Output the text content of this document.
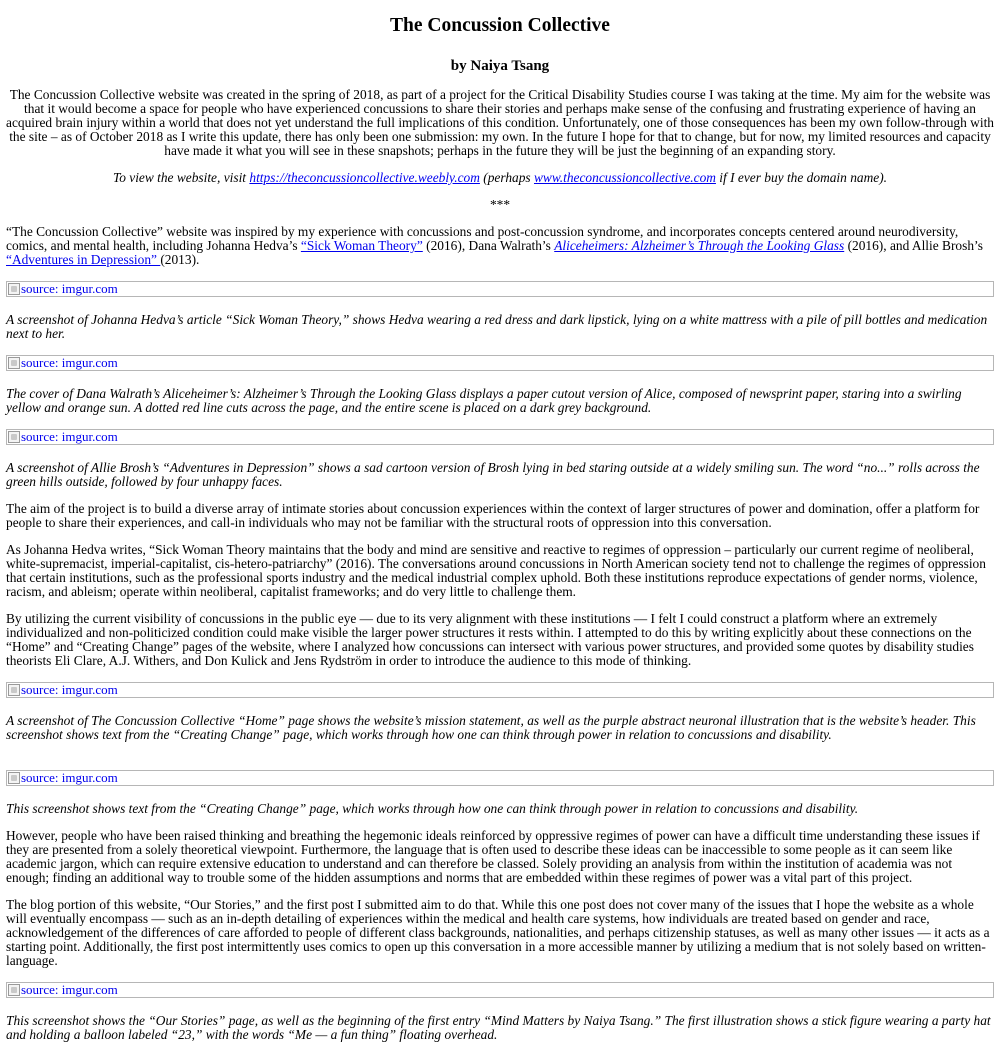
The Concussion Collective
by Naiya Tsang

The Concussion Collective website was created in the spring of 2018, as part of a project for the Critical Disability Studies course I was taking at the time. My aim for the website was that it would become a space for people who have experienced concussions to share their stories and perhaps make sense of the confusing and frustrating experience of having an acquired brain injury within a world that does not yet understand the full implications of this condition. Unfortunately, one of those consequences has been my own follow-through with the site – as of October 2018 as I write this update, there has only been one submission: my own. In the future I hope for that to change, but for now, my limited resources and capacity have made it what you will see in these snapshots; perhaps in the future they will be just the beginning of an expanding story.

To view the website, visit https://theconcussioncollective.weebly.com (perhaps www.theconcussioncollective.com if I ever buy the domain name).

***

“The Concussion Collective” website was inspired by my experience with concussions and post-concussion syndrome, and incorporates concepts centered around neurodiversity, comics, and mental health, including Johanna Hedva’s “Sick Woman Theory” (2016), Dana Walrath’s Aliceheimers: Alzheimer’s Through the Looking Glass (2016), and Allie Brosh’s “Adventures in Depression” (2013).

source: imgur.com

A screenshot of Johanna Hedva’s article “Sick Woman Theory,” shows Hedva wearing a red dress and dark lipstick, lying on a white mattress with a pile of pill bottles and medication next to her.

source: imgur.com

The cover of Dana Walrath’s Aliceheimer’s: Alzheimer’s Through the Looking Glass displays a paper cutout version of Alice, composed of newsprint paper, staring into a swirling yellow and orange sun. A dotted red line cuts across the page, and the entire scene is placed on a dark grey background.

source: imgur.com

A screenshot of Allie Brosh’s “Adventures in Depression” shows a sad cartoon version of Brosh lying in bed staring outside at a widely smiling sun. The word “no...” rolls across the green hills outside, followed by four unhappy faces.

The aim of the project is to build a diverse array of intimate stories about concussion experiences within the context of larger structures of power and domination, offer a platform for people to share their experiences, and call-in individuals who may not be familiar with the structural roots of oppression into this conversation.

As Johanna Hedva writes, “Sick Woman Theory maintains that the body and mind are sensitive and reactive to regimes of oppression – particularly our current regime of neoliberal, white-supremacist, imperial-capitalist, cis-hetero-patriarchy” (2016). The conversations around concussions in North American society tend not to challenge the regimes of oppression that certain institutions, such as the professional sports industry and the medical industrial complex uphold. Both these institutions reproduce expectations of gender norms, violence, racism, and ableism; operate within neoliberal, capitalist frameworks; and do very little to challenge them.

By utilizing the current visibility of concussions in the public eye — due to its very alignment with these institutions — I felt I could construct a platform where an extremely individualized and non-politicized condition could make visible the larger power structures it rests within. I attempted to do this by writing explicitly about these connections on the “Home” and “Creating Change” pages of the website, where I analyzed how concussions can intersect with various power structures, and provided some quotes by disability studies theorists Eli Clare, A.J. Withers, and Don Kulick and Jens Rydström in order to introduce the audience to this mode of thinking.

source: imgur.com

A screenshot of The Concussion Collective “Home” page shows the website’s mission statement, as well as the purple abstract neuronal illustration that is the website’s header. This screenshot shows text from the “Creating Change” page, which works through how one can think through power in relation to concussions and disability.

source: imgur.com

This screenshot shows text from the “Creating Change” page, which works through how one can think through power in relation to concussions and disability.

However, people who have been raised thinking and breathing the hegemonic ideals reinforced by oppressive regimes of power can have a difficult time understanding these issues if they are presented from a solely theoretical viewpoint. Furthermore, the language that is often used to describe these ideas can be inaccessible to some people as it can seem like academic jargon, which can require extensive education to understand and can therefore be classed. Solely providing an analysis from within the institution of academia was not enough; finding an additional way to trouble some of the hidden assumptions and norms that are embedded within these regimes of power was a vital part of this project.

The blog portion of this website, “Our Stories,” and the first post I submitted aim to do that. While this one post does not cover many of the issues that I hope the website as a whole will eventually encompass — such as an in-depth detailing of experiences within the medical and health care systems, how individuals are treated based on gender and race, acknowledgement of the differences of care afforded to people of different class backgrounds, nationalities, and perhaps citizenship statuses, as well as many other issues — it acts as a starting point. Additionally, the first post intermittently uses comics to open up this conversation in a more accessible manner by utilizing a medium that is not solely based on written-language.

source: imgur.com

This screenshot shows the “Our Stories” page, as well as the beginning of the first entry “Mind Matters by Naiya Tsang.” The first illustration shows a stick figure wearing a party hat and holding a balloon labeled “23,” with the words “Me — a fun thing” floating overhead.
